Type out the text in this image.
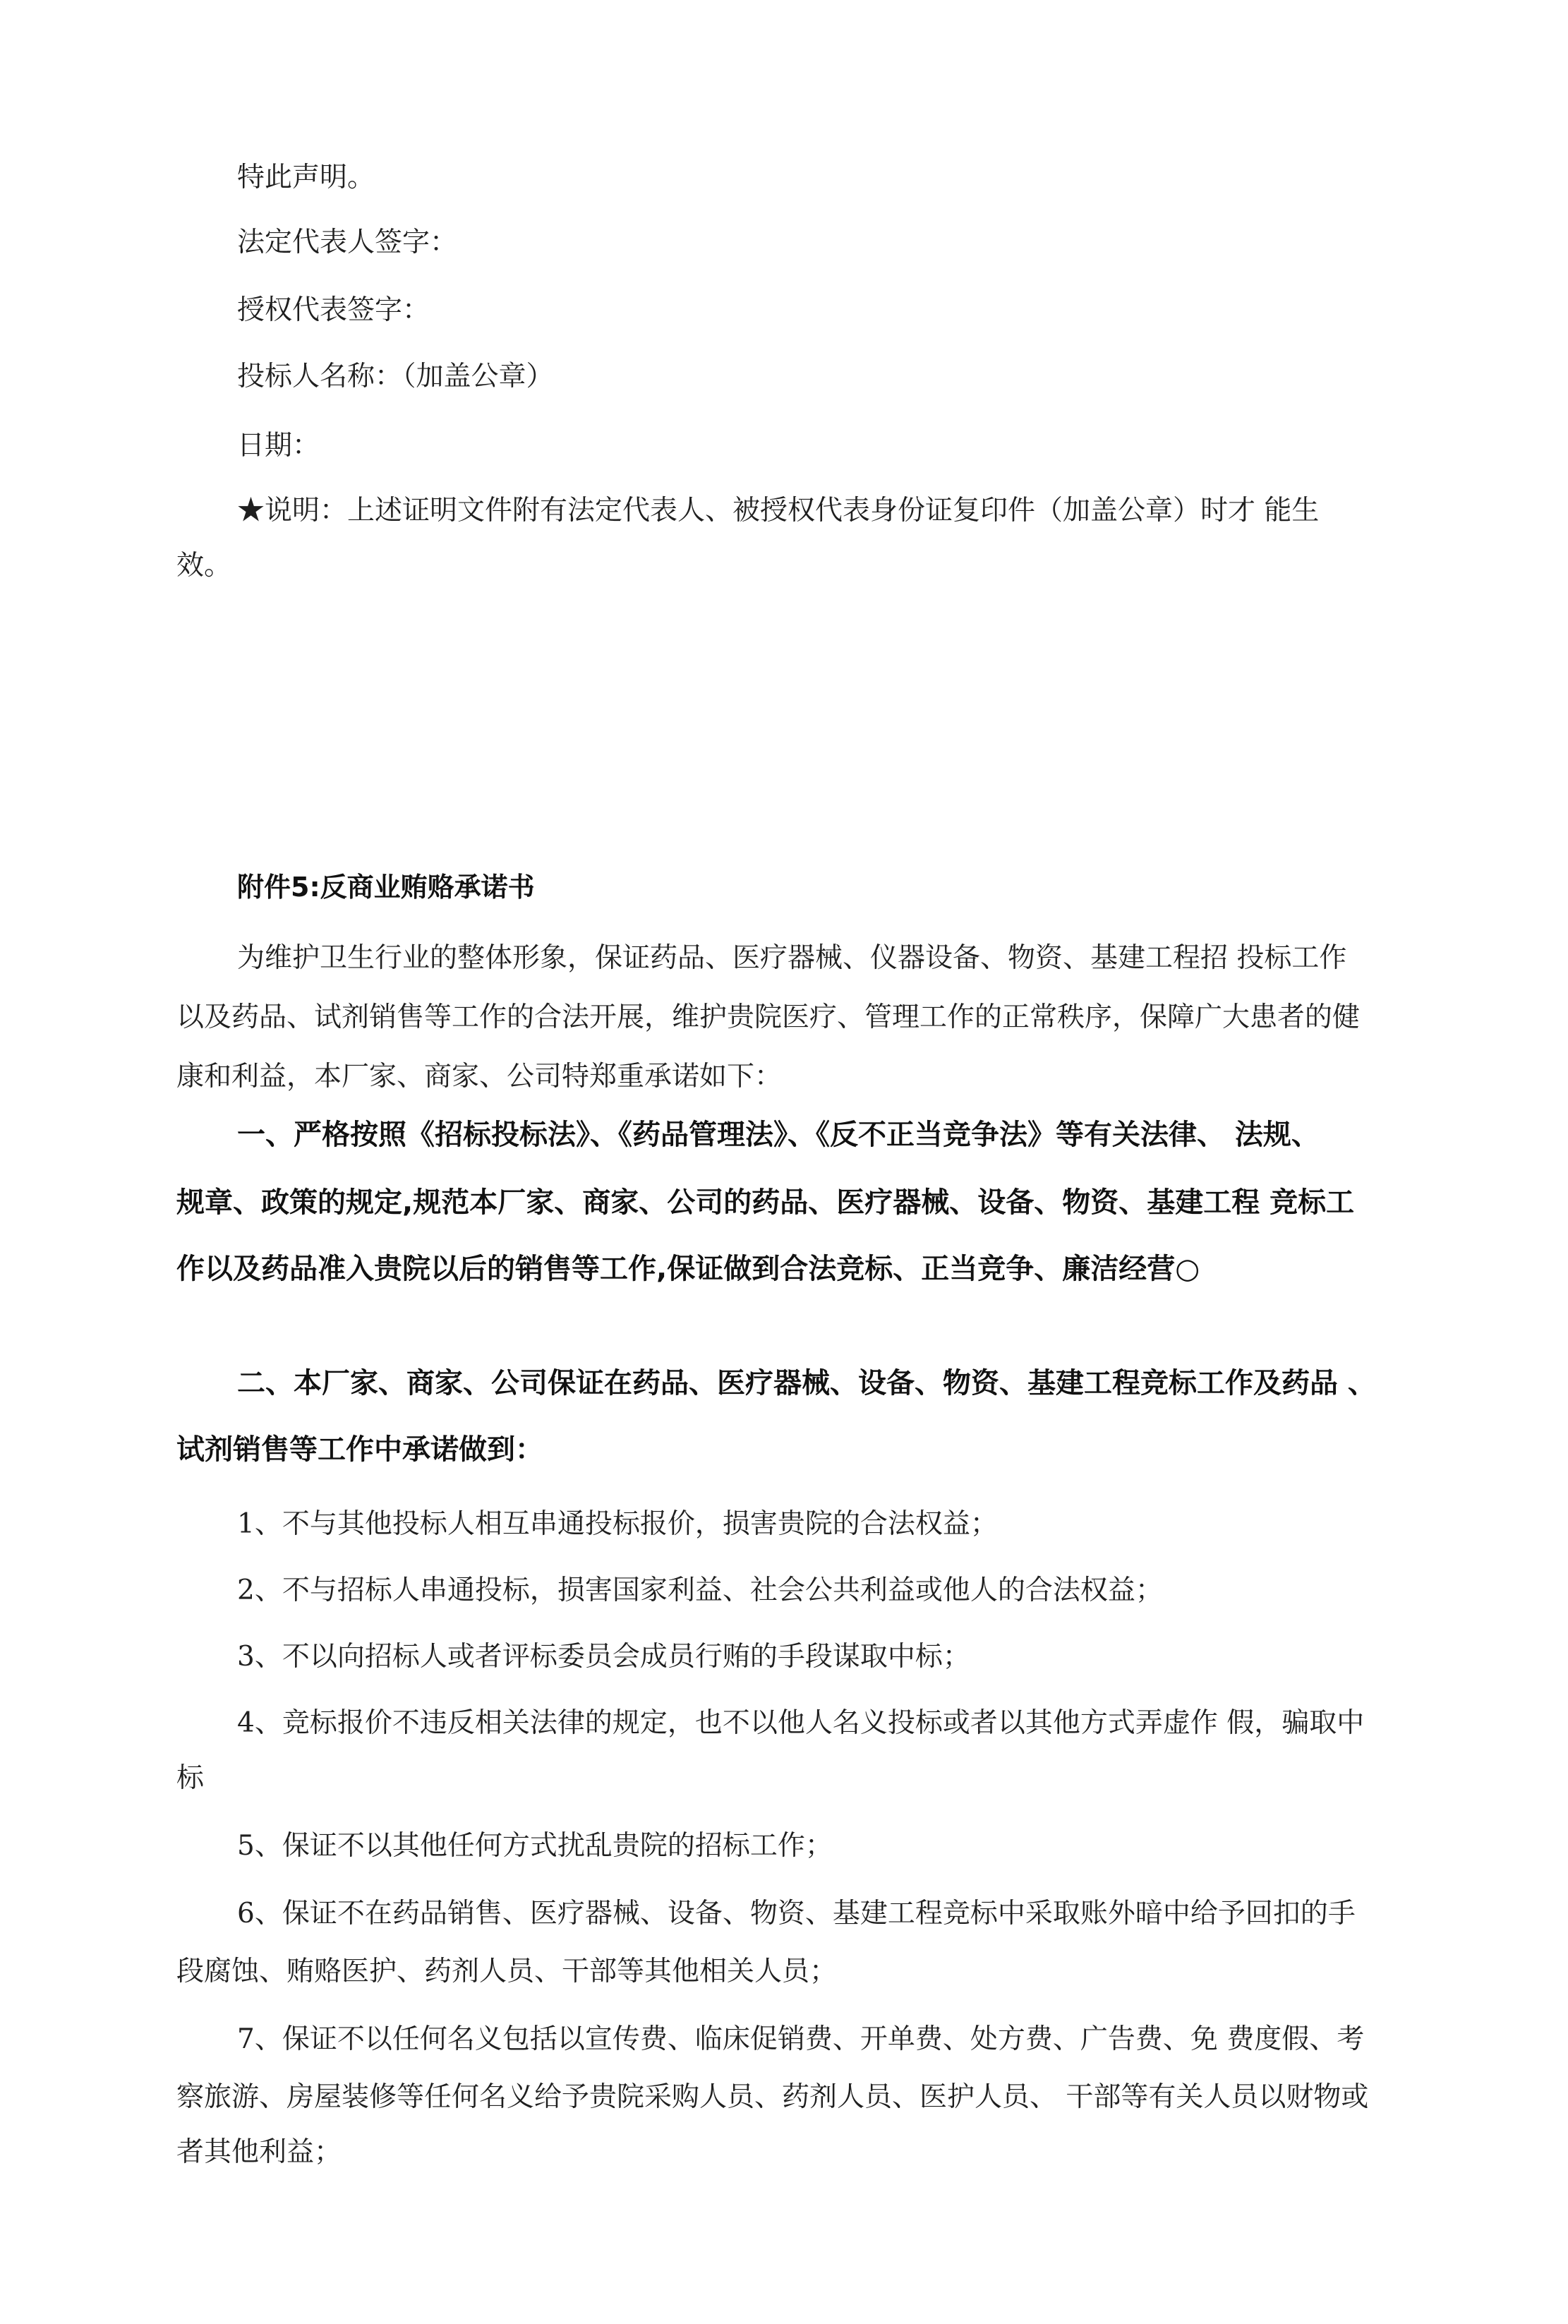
特此声明。

法定代表人签字：

授权代表签字：

投标人名称：（加盖公章）

日期：

★说明：上述证明文件附有法定代表人、被授权代表身份证复印件（加盖公章）时才 能生

效。

附件5:反商业贿赂承诺书

为维护卫生行业的整体形象，保证药品、医疗器械、仪器设备、物资、基建工程招 投标工作

以及药品、试剂销售等工作的合法开展，维护贵院医疗、管理工作的正常秩序，保障广大患者的健

康和利益，本厂家、商家、公司特郑重承诺如下：

一、严格按照《招标投标法》、《药品管理法》、《反不正当竞争法》等有关法律、 法规、

规章、政策的规定,规范本厂家、商家、公司的药品、医疗器械、设备、物资、基建工程 竞标工

作以及药品准入贵院以后的销售等工作,保证做到合法竞标、正当竞争、廉洁经营○

二、本厂家、商家、公司保证在药品、医疗器械、设备、物资、基建工程竞标工作及药品 、

试剂销售等工作中承诺做到：

1、不与其他投标人相互串通投标报价，损害贵院的合法权益；

2、不与招标人串通投标，损害国家利益、社会公共利益或他人的合法权益；

3、不以向招标人或者评标委员会成员行贿的手段谋取中标；

4、竞标报价不违反相关法律的规定，也不以他人名义投标或者以其他方式弄虚作 假，骗取中

标

5、保证不以其他任何方式扰乱贵院的招标工作；

6、保证不在药品销售、医疗器械、设备、物资、基建工程竞标中采取账外暗中给予回扣的手

段腐蚀、贿赂医护、药剂人员、干部等其他相关人员；

7、保证不以任何名义包括以宣传费、临床促销费、开单费、处方费、广告费、免 费度假、考

察旅游、房屋装修等任何名义给予贵院采购人员、药剂人员、医护人员、 干部等有关人员以财物或

者其他利益；
